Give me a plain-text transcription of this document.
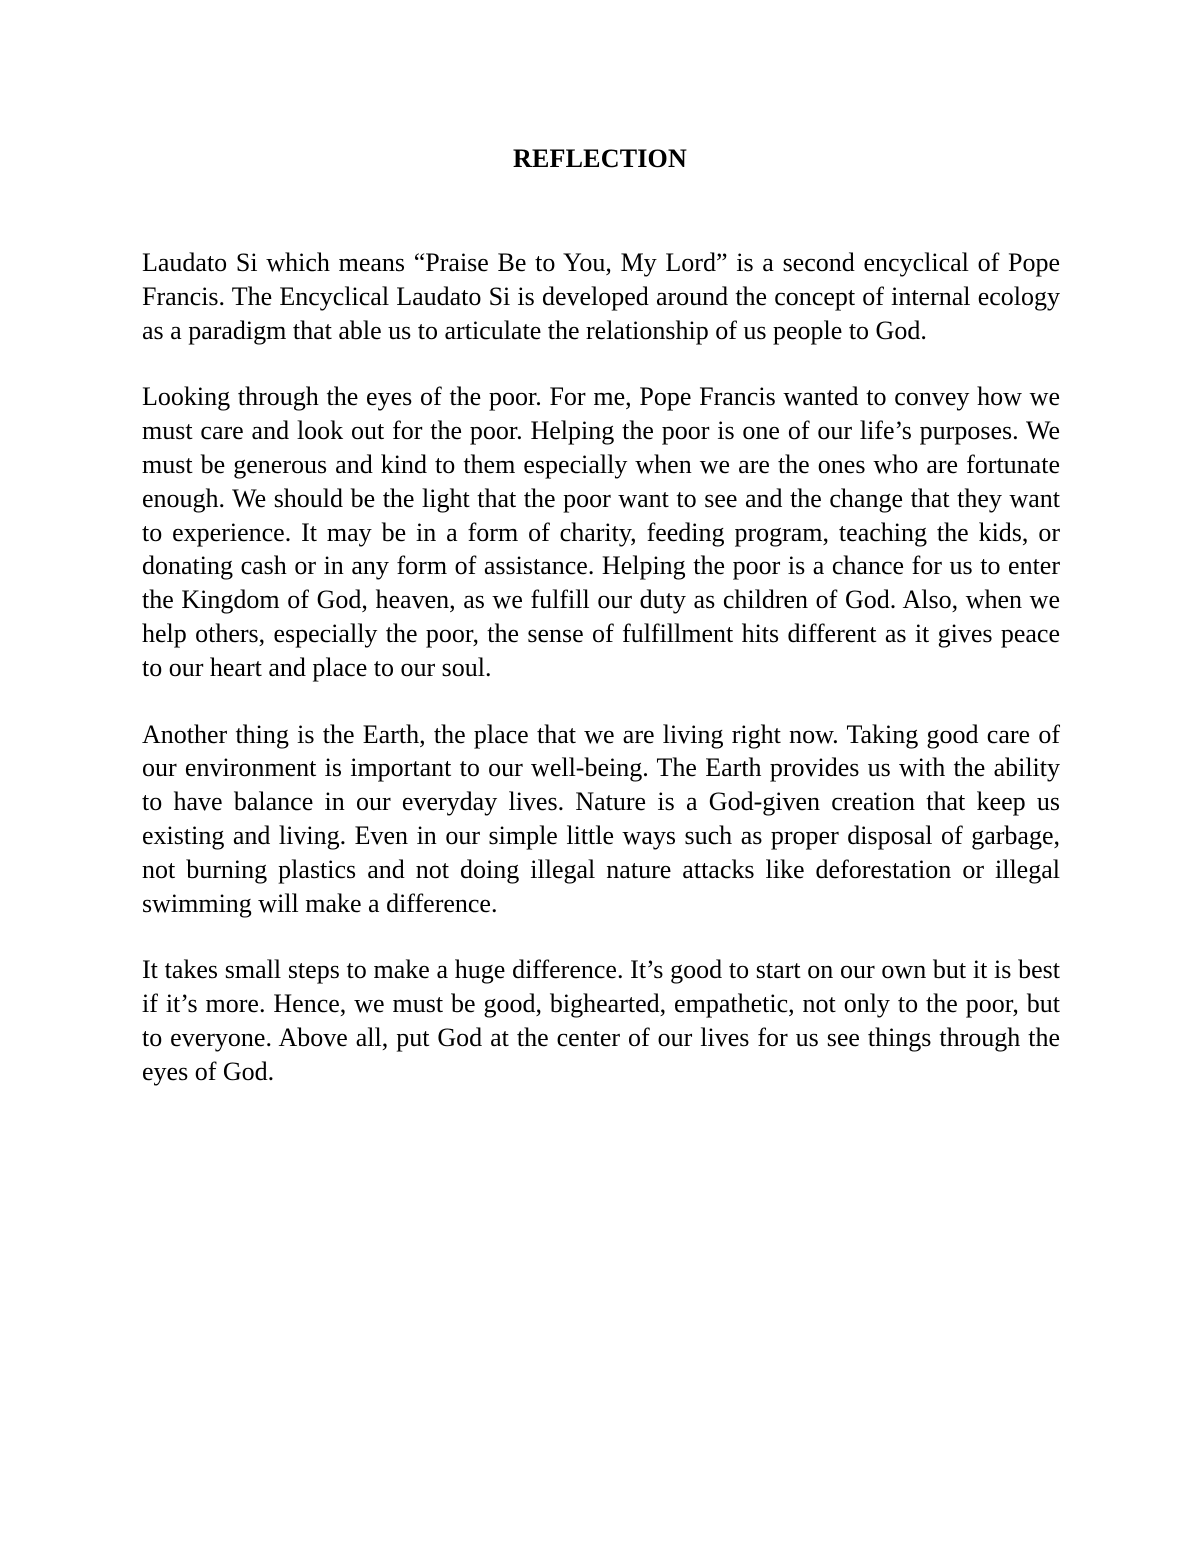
REFLECTION

Laudato Si which means “Praise Be to You, My Lord” is a second encyclical of Pope Francis. The Encyclical Laudato Si is developed around the concept of internal ecology as a paradigm that able us to articulate the relationship of us people to God.

Looking through the eyes of the poor. For me, Pope Francis wanted to convey how we must care and look out for the poor. Helping the poor is one of our life’s purposes. We must be generous and kind to them especially when we are the ones who are fortunate enough. We should be the light that the poor want to see and the change that they want to experience. It may be in a form of charity, feeding program, teaching the kids, or donating cash or in any form of assistance. Helping the poor is a chance for us to enter the Kingdom of God, heaven, as we fulfill our duty as children of God. Also, when we help others, especially the poor, the sense of fulfillment hits different as it gives peace to our heart and place to our soul.

Another thing is the Earth, the place that we are living right now. Taking good care of our environment is important to our well-being. The Earth provides us with the ability to have balance in our everyday lives. Nature is a God-given creation that keep us existing and living. Even in our simple little ways such as proper disposal of garbage, not burning plastics and not doing illegal nature attacks like deforestation or illegal swimming will make a difference.

It takes small steps to make a huge difference. It’s good to start on our own but it is best if it’s more. Hence, we must be good, bighearted, empathetic, not only to the poor, but to everyone. Above all, put God at the center of our lives for us see things through the eyes of God.
